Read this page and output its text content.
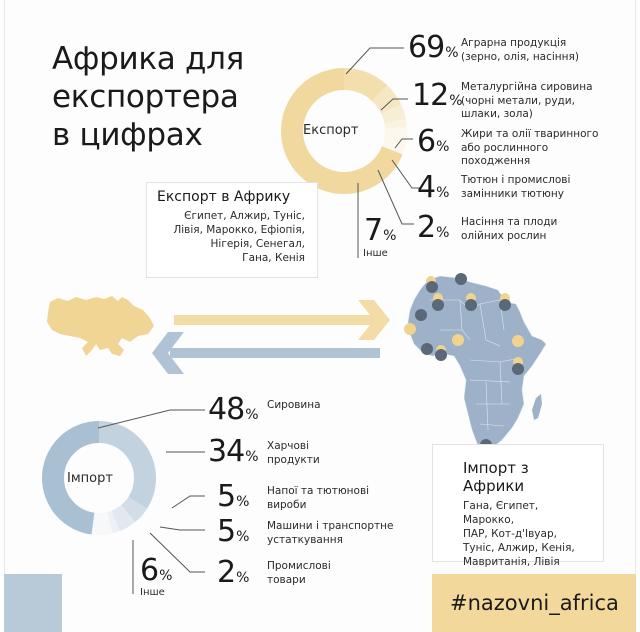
Африка для
експортера
в цифрах	Експорт
69 %
Аграрна продукція
(зерно, олія, насіння)
12 %
Металургійна сировина
(чорні метали, руди,
шлаки, зола)
6 %
Жири та олії тваринного
або рослинного
походження
4 %
Тютюн і промислові
замінники тютюну
2 %
Насіння та плоди
олійних рослин
7 %
Інше
Експорт в Африку
Єгипет, Алжир, Туніс,
Лівія, Марокко, Ефіопія,
Нігерія, Сенегал,
Гана, Кенія
Імпорт
48 %
Сировина
34 %
Харчові
продукти
5 %
Напої та тютюнові
вироби
5 %
Машини і транспортне
устаткування
2 %
Промислові
товари
6 %
Інше
Імпорт з Африки
Гана, Єгипет, Марокко,
ПАР, Кот-д'Івуар,
Туніс, Алжир, Кенія,
Мавританія, Лівія
#nazovni_africa
